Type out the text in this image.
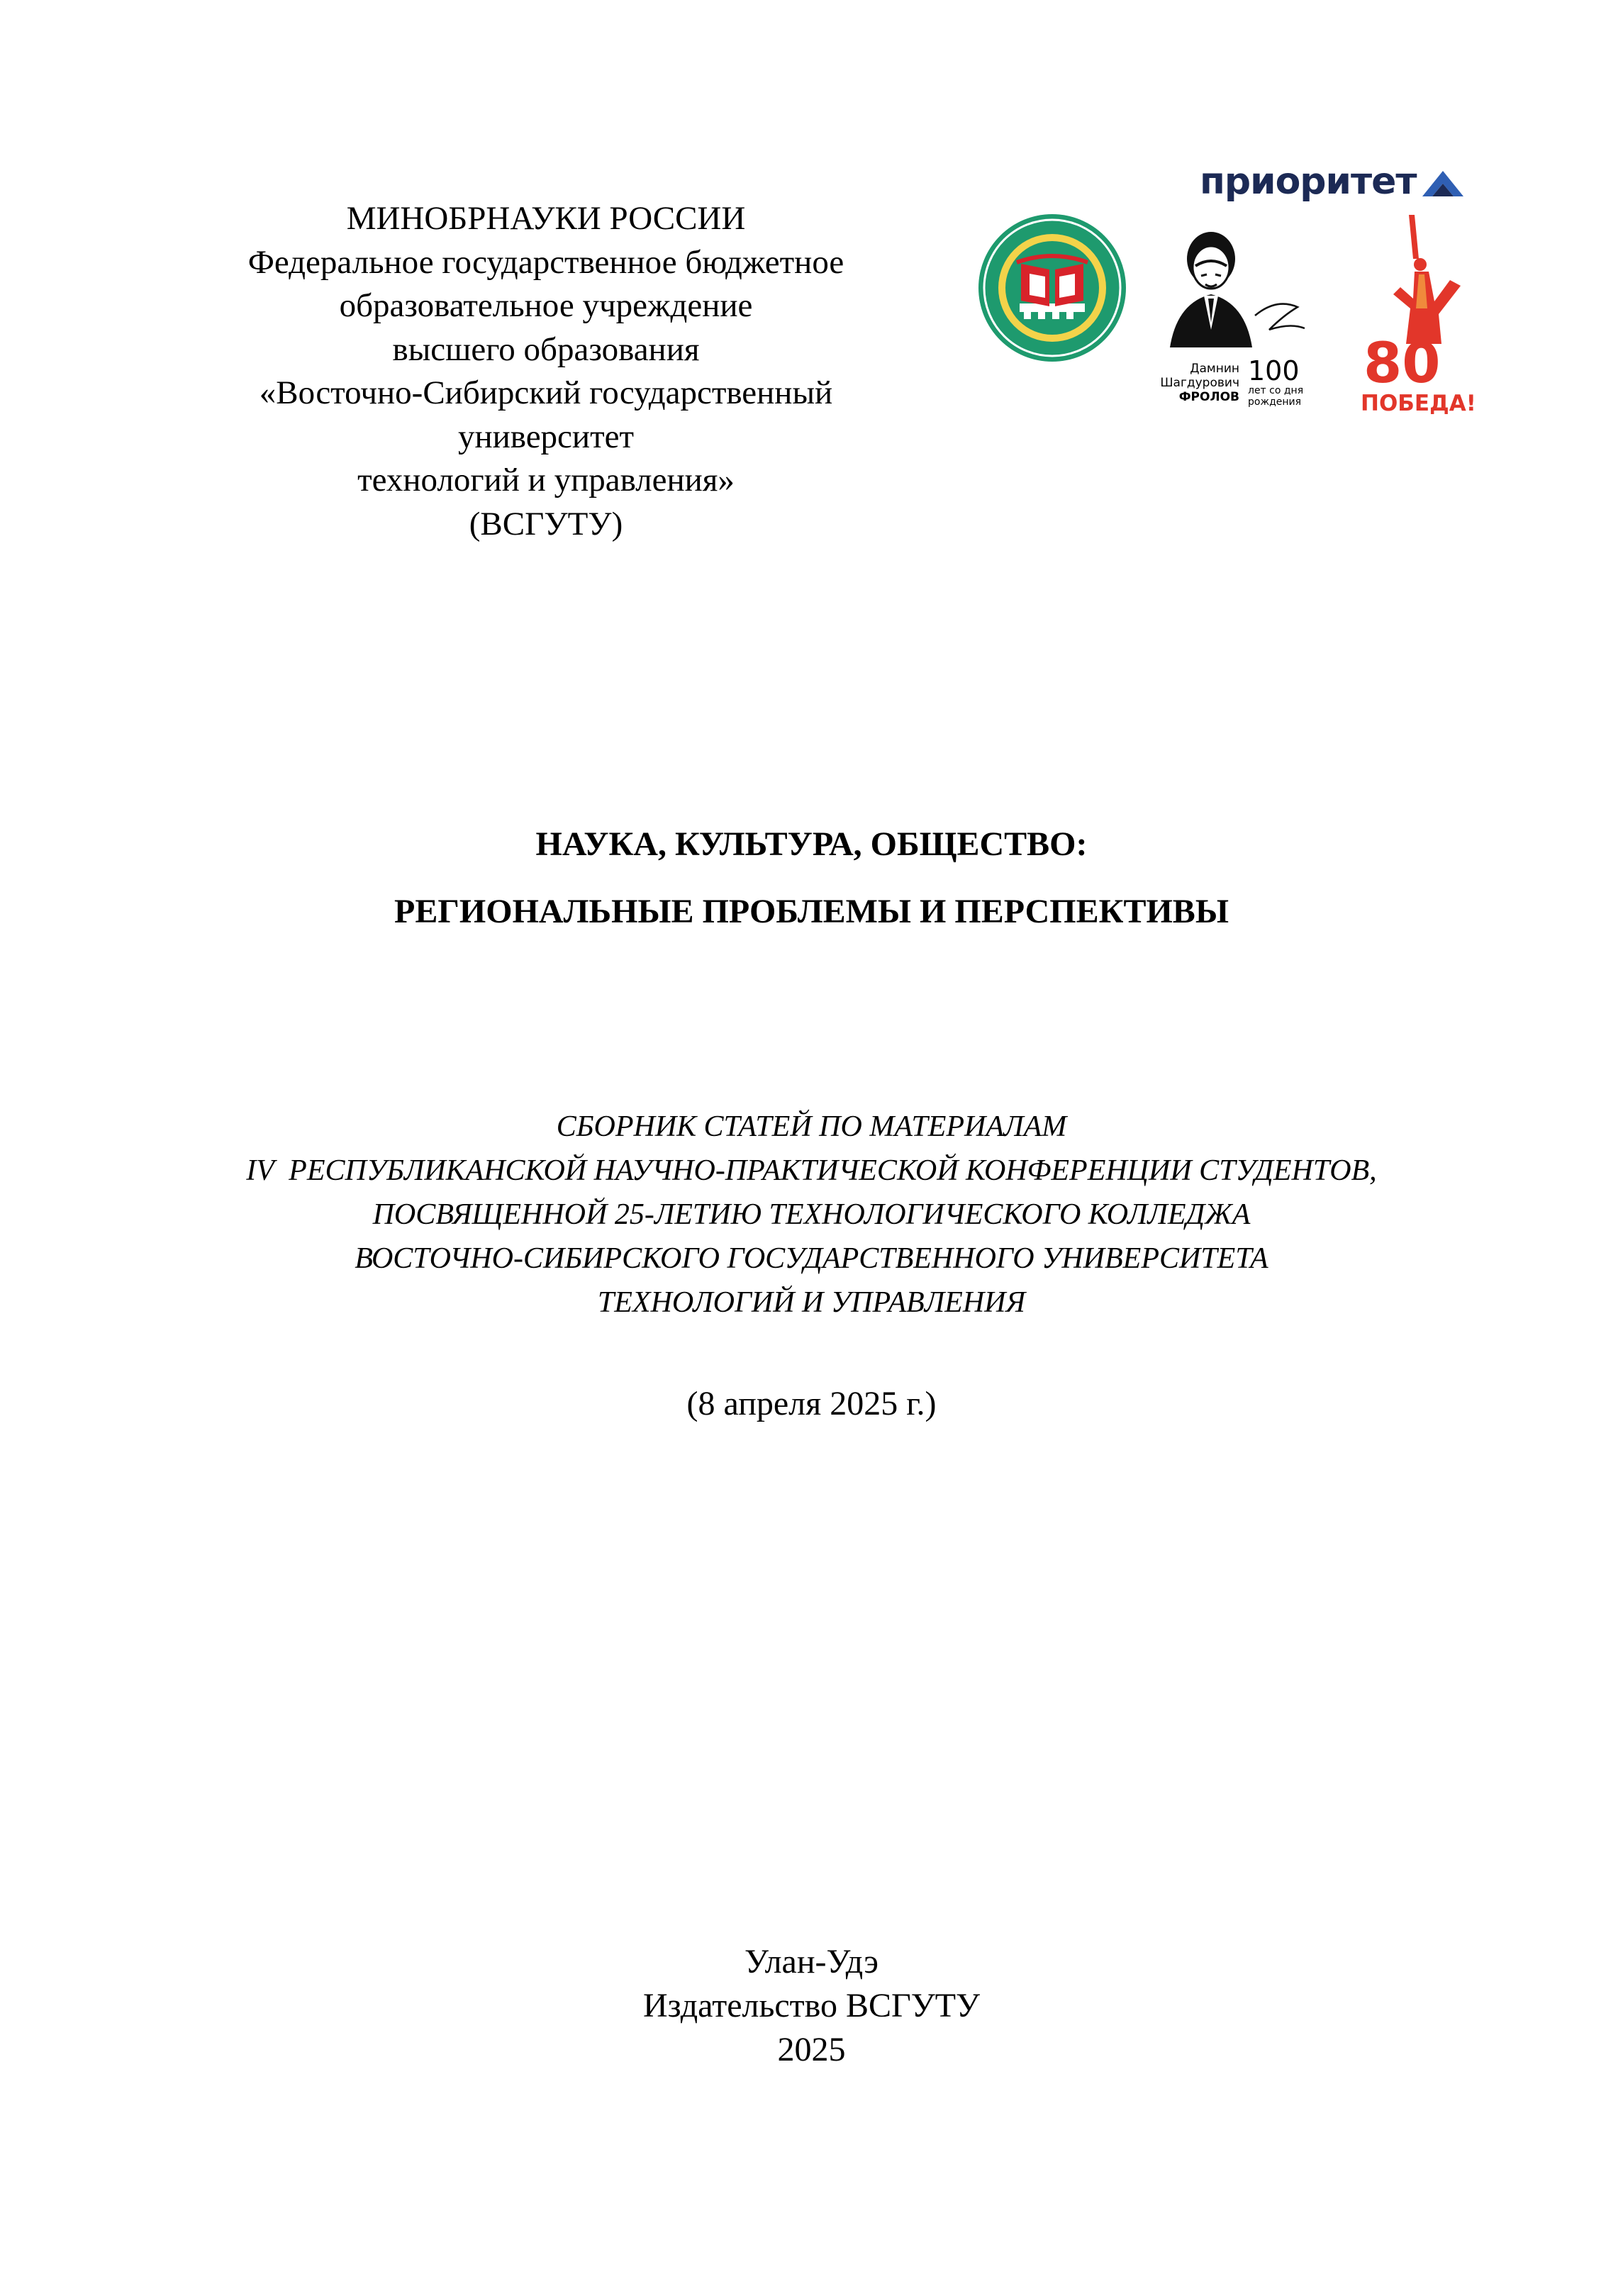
МИНОБРНАУКИ РОССИИ
Федеральное государственное бюджетное
образовательное учреждение
высшего образования
«Восточно-Сибирский государственный
университет
технологий и управления»
(ВСГУТУ)
приоритет
Дамнин
Шагдурович
ФРОЛОВ
100
лет со дня
рождения
80
ПОБЕДА!
НАУКА, КУЛЬТУРА, ОБЩЕСТВО:
РЕГИОНАЛЬНЫЕ ПРОБЛЕМЫ И ПЕРСПЕКТИВЫ
СБОРНИК СТАТЕЙ ПО МАТЕРИАЛАМ
IV  РЕСПУБЛИКАНСКОЙ НАУЧНО-ПРАКТИЧЕСКОЙ КОНФЕРЕНЦИИ СТУДЕНТОВ,
ПОСВЯЩЕННОЙ 25-ЛЕТИЮ ТЕХНОЛОГИЧЕСКОГО КОЛЛЕДЖА
ВОСТОЧНО-СИБИРСКОГО ГОСУДАРСТВЕННОГО УНИВЕРСИТЕТА
ТЕХНОЛОГИЙ И УПРАВЛЕНИЯ
(8 апреля 2025 г.)
Улан-Удэ
Издательство ВСГУТУ
2025
